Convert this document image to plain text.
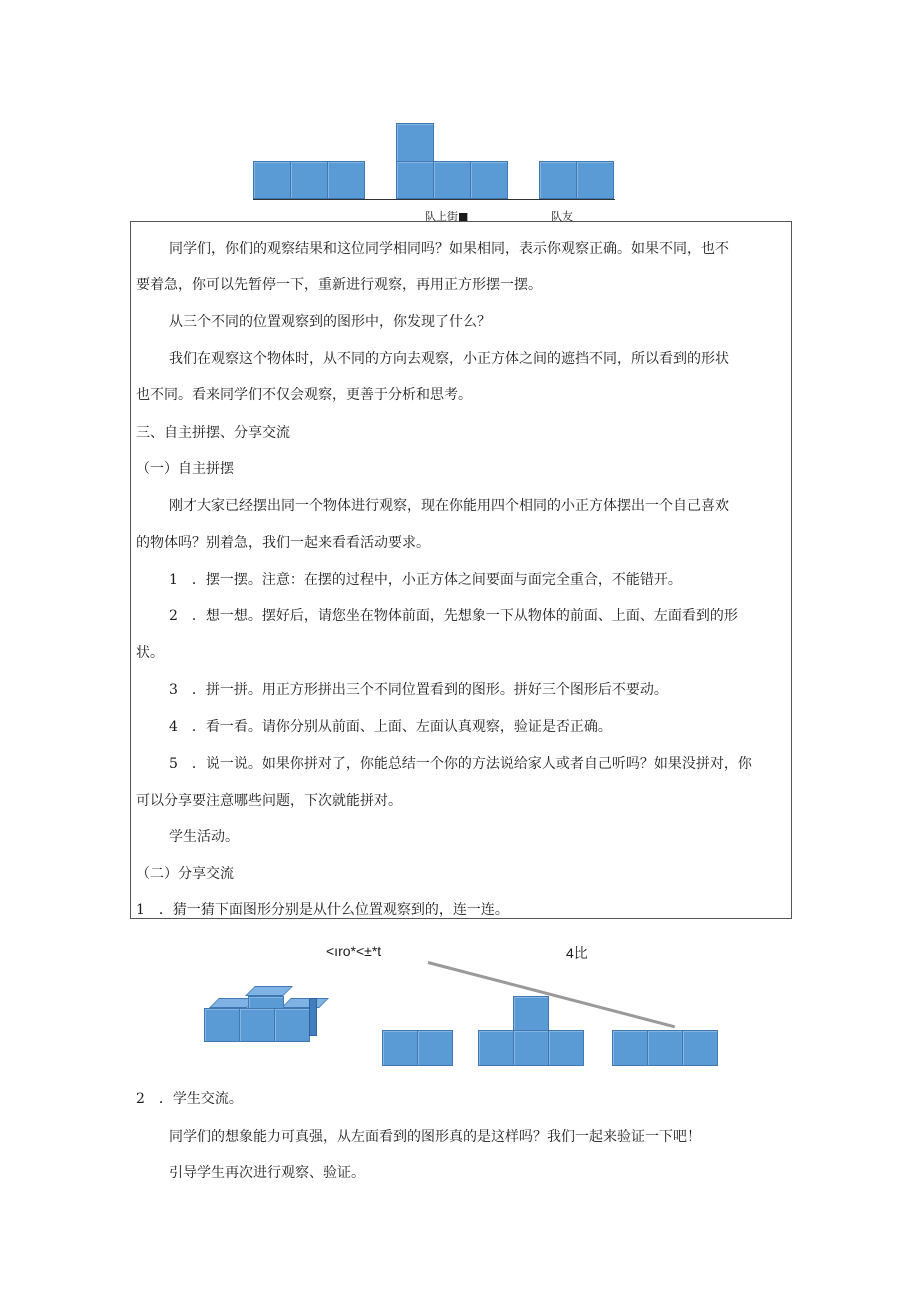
队上街■	队友
同学们，你们的观察结果和这位同学相同吗？如果相同，表示你观察正确。如果不同，也不
要着急，你可以先暂停一下，重新进行观察，再用正方形摆一摆。
从三个不同的位置观察到的图形中，你发现了什么？
我们在观察这个物体时，从不同的方向去观察，小正方体之间的遮挡不同，所以看到的形状
也不同。看来同学们不仅会观察，更善于分析和思考。
三、自主拼摆、分享交流
（一）自主拼摆
刚才大家已经摆出同一个物体进行观察，现在你能用四个相同的小正方体摆出一个自己喜欢
的物体吗？别着急，我们一起来看看活动要求。
1　．摆一摆。注意：在摆的过程中，小正方体之间要面与面完全重合，不能错开。
2　．想一想。摆好后，请您坐在物体前面，先想象一下从物体的前面、上面、左面看到的形
状。
3　．拼一拼。用正方形拼出三个不同位置看到的图形。拼好三个图形后不要动。
4　．看一看。请你分别从前面、上面、左面认真观察，验证是否正确。
5　．说一说。如果你拼对了，你能总结一个你的方法说给家人或者自己听吗？如果没拼对，你
可以分享要注意哪些问题，下次就能拼对。
学生活动。
（二）分享交流
1　．猜一猜下面图形分别是从什么位置观察到的，连一连。
<ıro*<±*t	4比
2　．学生交流。
同学们的想象能力可真强，从左面看到的图形真的是这样吗？我们一起来验证一下吧！
引导学生再次进行观察、验证。
